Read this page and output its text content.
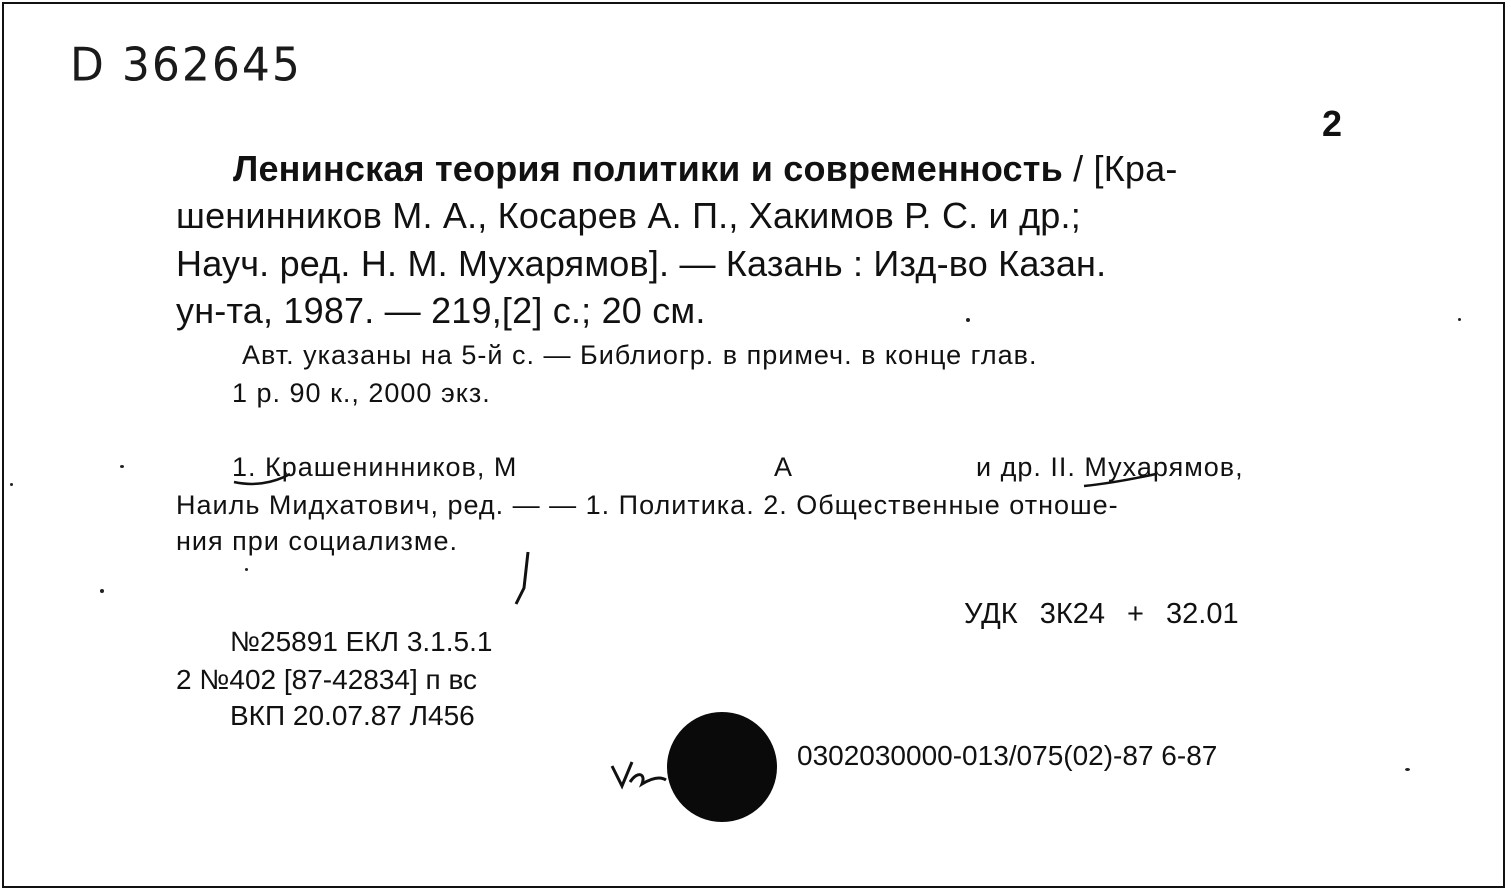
D 362645
2
Ленинская теория политики и современность / [Кра-
шенинников М. А., Косарев А. П., Хакимов Р. С. и др.;
Науч. ред. Н. М. Мухарямов]. — Казань : Изд-во Казан.
ун-та, 1987. — 219,[2] с.; 20 см.
Авт. указаны на 5-й с. — Библиогр. в примеч. в конце глав.
1 р. 90 к., 2000 экз.
1. Крашенинников, М	А	и др. II. Мухарямов,
Наиль Мидхатович, ред. — — 1. Политика. 2. Общественные отноше-
ния при социализме.
УДК 3К24 + 32.01
№25891 ЕКЛ 3.1.5.1
2 №402 [87-42834] п вс
ВКП 20.07.87 Л456
0302030000-013/075(02)-87 6-87
